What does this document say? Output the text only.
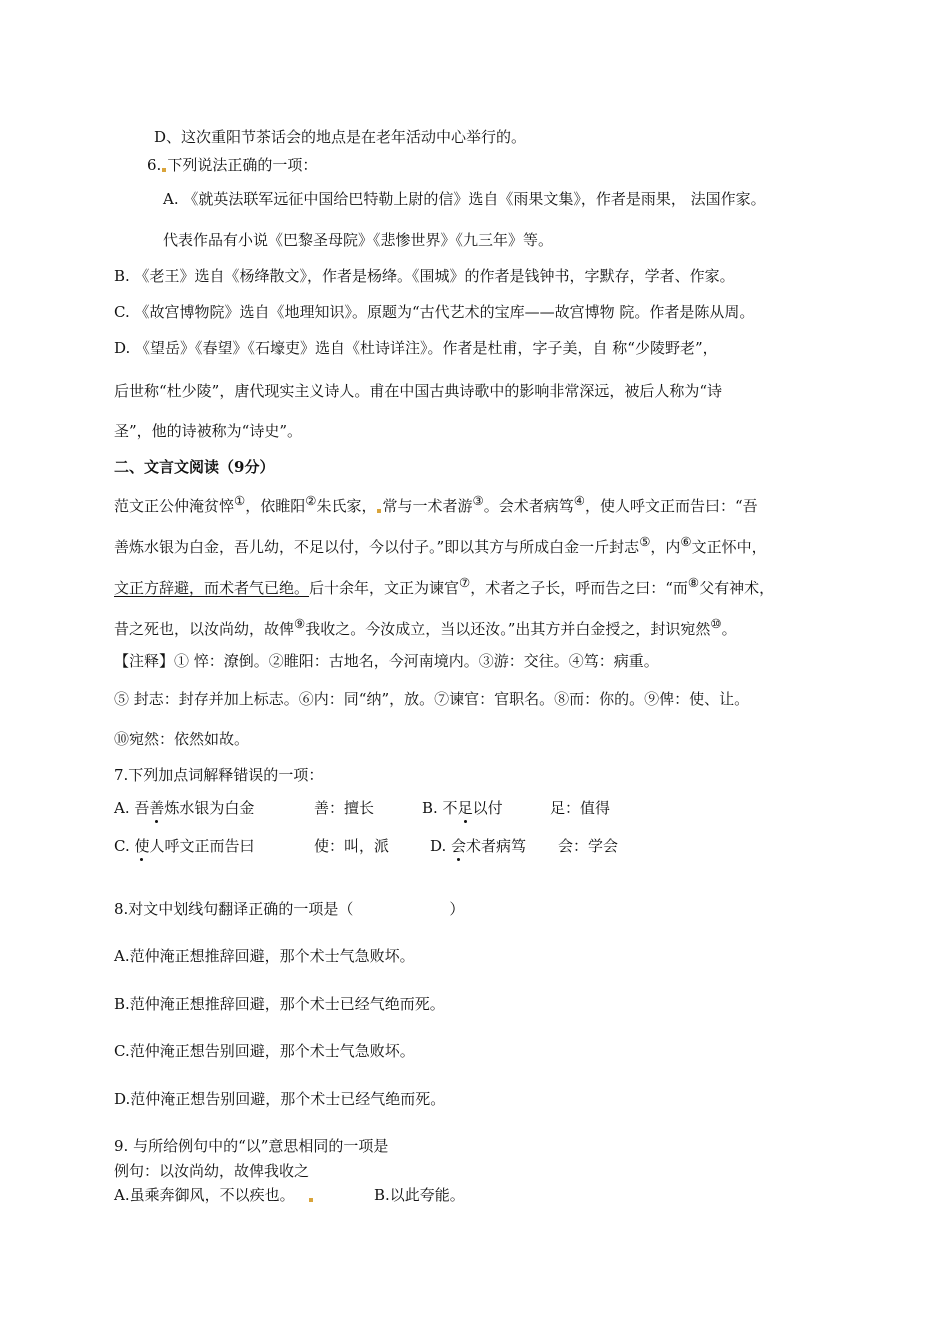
D、这次重阳节茶话会的地点是在老年活动中心举行的。
6. 下列说法正确的一项：
A. 《就英法联军远征中国给巴特勒上尉的信》选自《雨果文集》，作者是雨果， 法国作家。
代表作品有小说《巴黎圣母院》《悲惨世界》《九三年》等。
B. 《老王》选自《杨绛散文》，作者是杨绛。《围城》的作者是钱钟书，字默存，学者、作家。
C. 《故宫博物院》选自《地理知识》。原题为“古代艺术的宝库——故宫博物 院。作者是陈从周。
D. 《望岳》《春望》《石壕吏》选自《杜诗详注》。作者是杜甫，字子美，自 称“少陵野老”，
后世称“杜少陵”，唐代现实主义诗人。甫在中国古典诗歌中的影响非常深远，被后人称为“诗
圣”，他的诗被称为“诗史”。
二、文言文阅读（9分）
范文正公仲淹贫悴①，依睢阳②朱氏家， 常与一术者游③。会术者病笃④，使人呼文正而告曰：“吾
善炼水银为白金，吾儿幼，不足以付，今以付子。”即以其方与所成白金一斤封志⑤，内⑥文正怀中，
文正方辞避，而术者气已绝。后十余年，文正为谏官⑦，术者之子长，呼而告之曰：“而⑧父有神术，
昔之死也，以汝尚幼，故俾⑨我收之。今汝成立，当以还汝。”出其方并白金授之，封识宛然⑩。
【注释】① 悴：潦倒。②睢阳：古地名，今河南境内。③游：交往。④笃：病重。
⑤ 封志：封存并加上标志。⑥内：同“纳”，放。⑦谏官：官职名。⑧而：你的。⑨俾：使、让。
⑩宛然：依然如故。
7.下列加点词解释错误的一项：
A. 吾善炼水银为白金	善：擅长	B. 不足以付	足：值得
C. 使人呼文正而告曰	使：叫，派	D. 会术者病笃 会：学会
8.对文中划线句翻译正确的一项是（	）
A.范仲淹正想推辞回避，那个术士气急败坏。
B.范仲淹正想推辞回避，那个术士已经气绝而死。
C.范仲淹正想告别回避，那个术士气急败坏。
D.范仲淹正想告别回避，那个术士已经气绝而死。
9. 与所给例句中的“以”意思相同的一项是
例句：以汝尚幼，故俾我收之
A.虽乘奔御风，不以疾也。	B.以此夸能。
